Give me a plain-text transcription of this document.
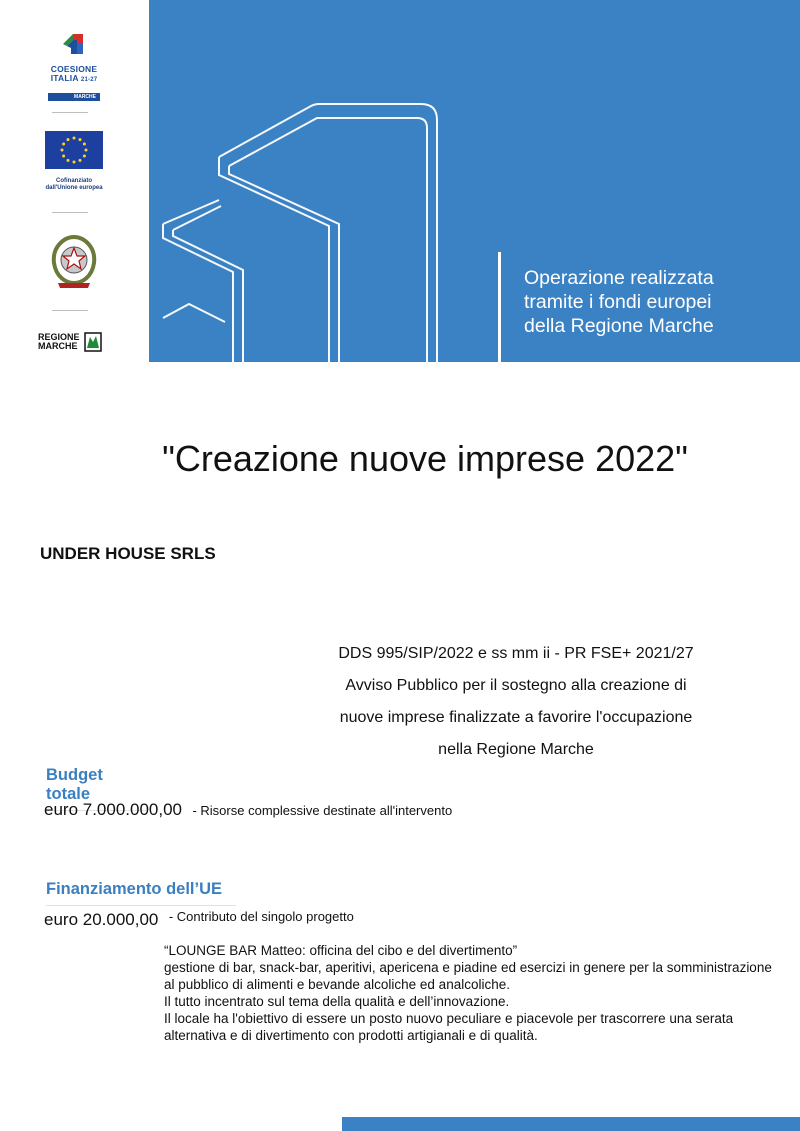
COESIONE
ITALIA 21-27
MARCHE
Cofinanziato
dall'Unione europea
REGIONE
MARCHE
Operazione realizzata
tramite i fondi europei
della Regione Marche
"Creazione nuove imprese 2022"
UNDER HOUSE SRLS
DDS 995/SIP/2022 e ss mm ii - PR FSE+ 2021/27
Avviso Pubblico per il sostegno alla creazione di
nuove imprese finalizzate a favorire l'occupazione
nella Regione Marche
Budget totale
euro 7.000.000,00 - Risorse complessive destinate all'intervento
Finanziamento dell’UE
euro 20.000,00 $^{- Contributo del singolo progetto}$

“LOUNGE BAR Matteo: officina del cibo e del divertimento”

gestione di bar, snack-bar, aperitivi, apericena e piadine ed esercizi in genere per la somministrazione al pubblico di alimenti e bevande alcoliche ed analcoliche.

Il tutto incentrato sul tema della qualità e dell’innovazione.

Il locale ha l'obiettivo di essere un posto nuovo peculiare e piacevole per trascorrere una serata alternativa e di divertimento con prodotti artigianali e di qualità.
